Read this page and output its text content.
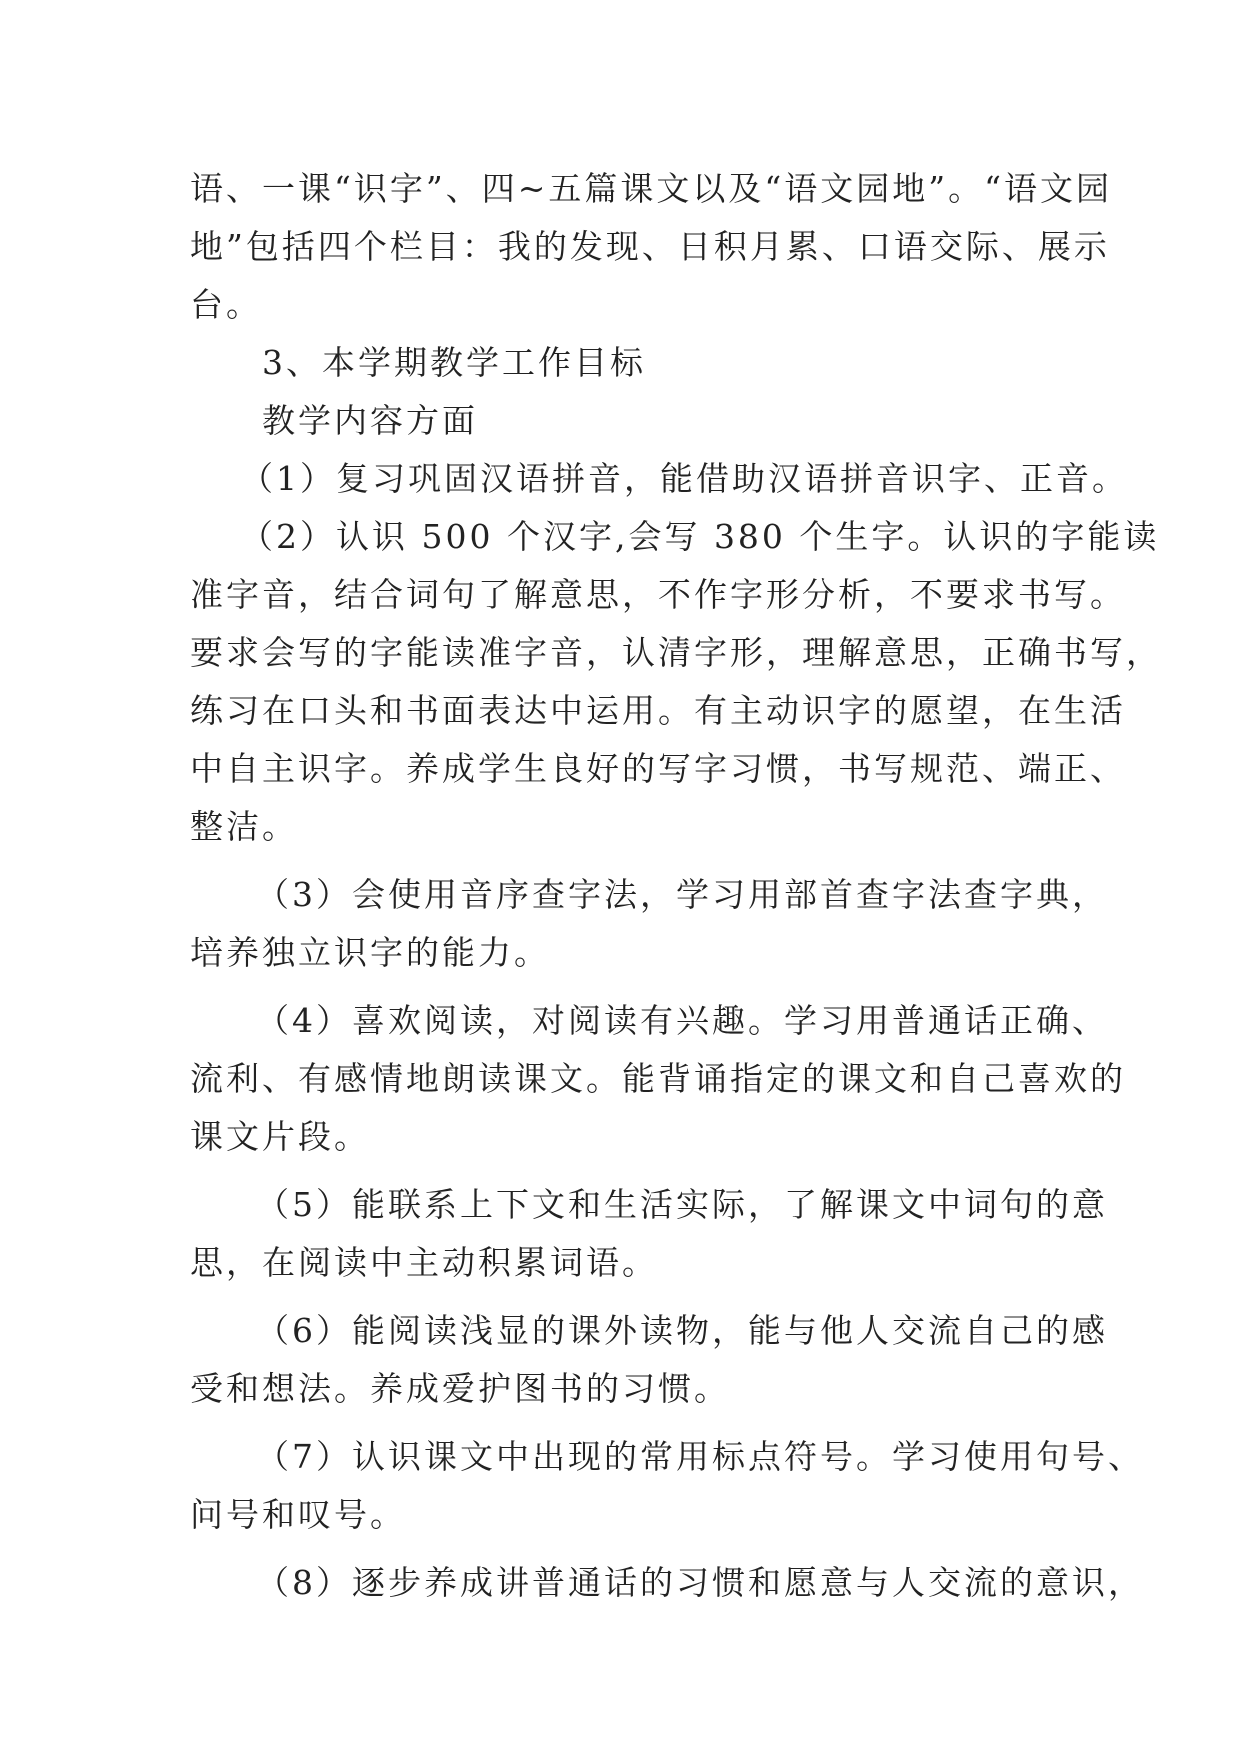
语、一课“识字”、四~五篇课文以及“语文园地”。“语文园
地”包括四个栏目：我的发现、日积月累、口语交际、展示
台。
3、本学期教学工作目标
教学内容方面
（1）复习巩固汉语拼音，能借助汉语拼音识字、正音。
（2）认识 500 个汉字,会写 380 个生字。认识的字能读
准字音，结合词句了解意思，不作字形分析，不要求书写。
要求会写的字能读准字音，认清字形，理解意思，正确书写，
练习在口头和书面表达中运用。有主动识字的愿望，在生活
中自主识字。养成学生良好的写字习惯，书写规范、端正、
整洁。
（3）会使用音序查字法，学习用部首查字法查字典，
培养独立识字的能力。
（4）喜欢阅读，对阅读有兴趣。学习用普通话正确、
流利、有感情地朗读课文。能背诵指定的课文和自己喜欢的
课文片段。
（5）能联系上下文和生活实际，了解课文中词句的意
思，在阅读中主动积累词语。
（6）能阅读浅显的课外读物，能与他人交流自己的感
受和想法。养成爱护图书的习惯。
（7）认识课文中出现的常用标点符号。学习使用句号、
问号和叹号。
（8）逐步养成讲普通话的习惯和愿意与人交流的意识，
